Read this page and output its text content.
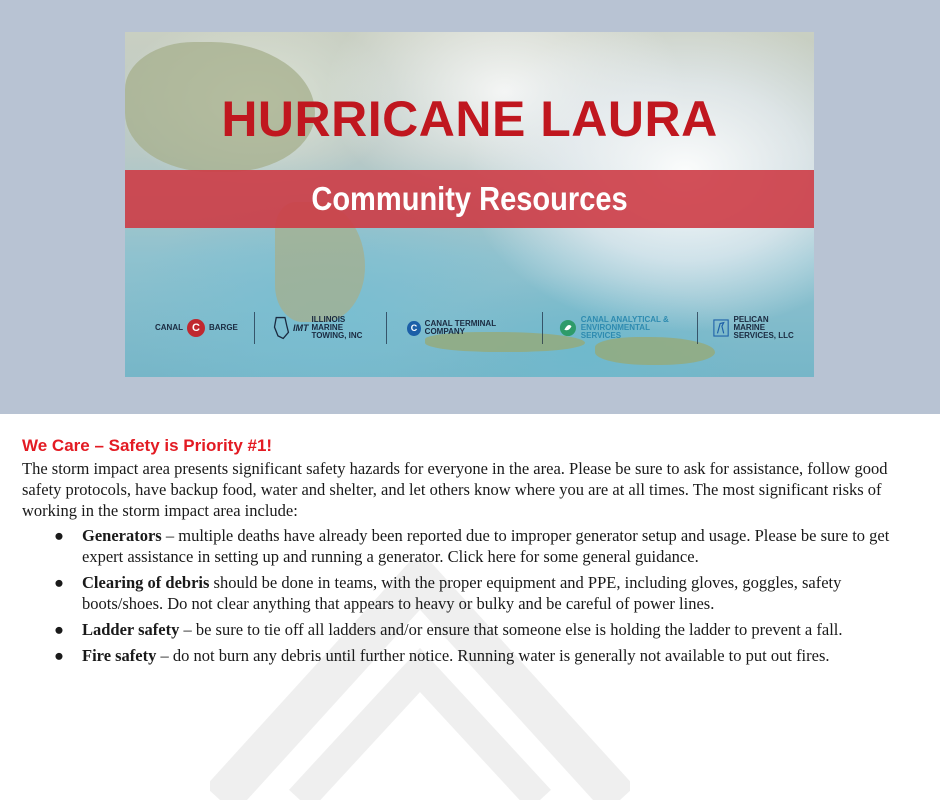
HURRICANE LAURA
Community Resources
CANAL C	BARGE	IMT
ILLINOIS MARINE
TOWING, INC
C CANAL TERMINAL COMPANY
CANAL ANALYTICAL &
ENVIRONMENTAL SERVICES
PELICAN MARINE
SERVICES, LLC
We Care – Safety is Priority #1!

The storm impact area presents significant safety hazards for everyone in the area. Please be sure to ask for assistance, follow good safety protocols, have backup food, water and shelter, and let others know where you are at all times. The most significant risks of working in the storm impact area include:

● Generators – multiple deaths have already been reported due to improper generator setup and usage. Please be sure to get expert assistance in setting up and running a generator. Click here for some general guidance.
● Clearing of debris should be done in teams, with the proper equipment and PPE, including gloves, goggles, safety boots/shoes. Do not clear anything that appears to heavy or bulky and be careful of power lines.
● Ladder safety – be sure to tie off all ladders and/or ensure that someone else is holding the ladder to prevent a fall.
● Fire safety – do not burn any debris until further notice. Running water is generally not available to put out fires.
